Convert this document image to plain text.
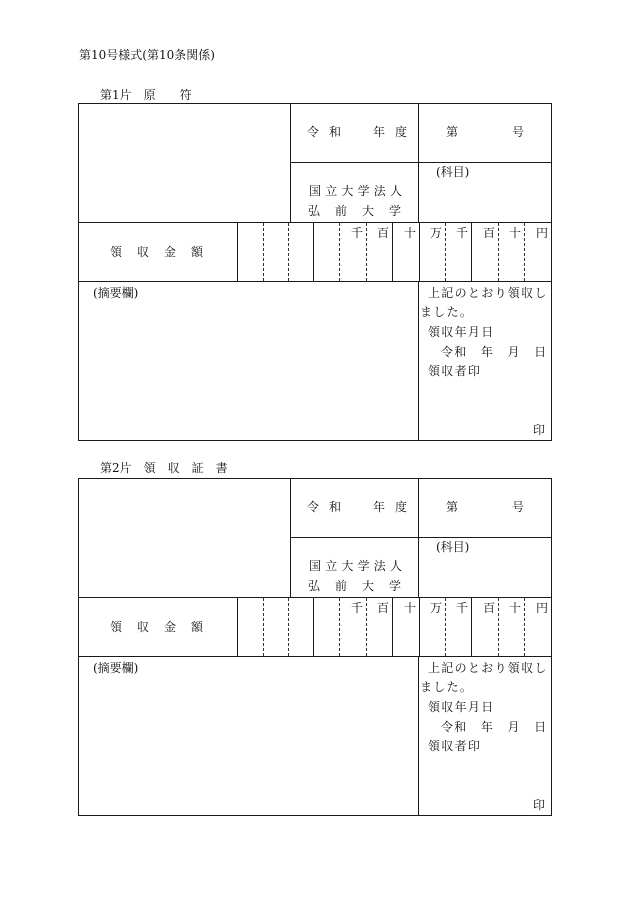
第10号様式(第10条関係)
第1片　原　　符
令　和　　　年　度	第　　　　　号
国立大学法人
弘前大学
(科目)
領収金額
千 百 十 万 千 百 十 円
(摘要欄)	上記のとおり領収し
ました。
領収年月日
令和　年　月　日
領収者印
印
第2片　領　収　証　書
令　和　　　年　度	第　　　　　号
国立大学法人
弘前大学
(科目)
領収金額
千 百 十 万 千 百 十 円
(摘要欄)	上記のとおり領収し
ました。
領収年月日
令和　年　月　日
領収者印
印
